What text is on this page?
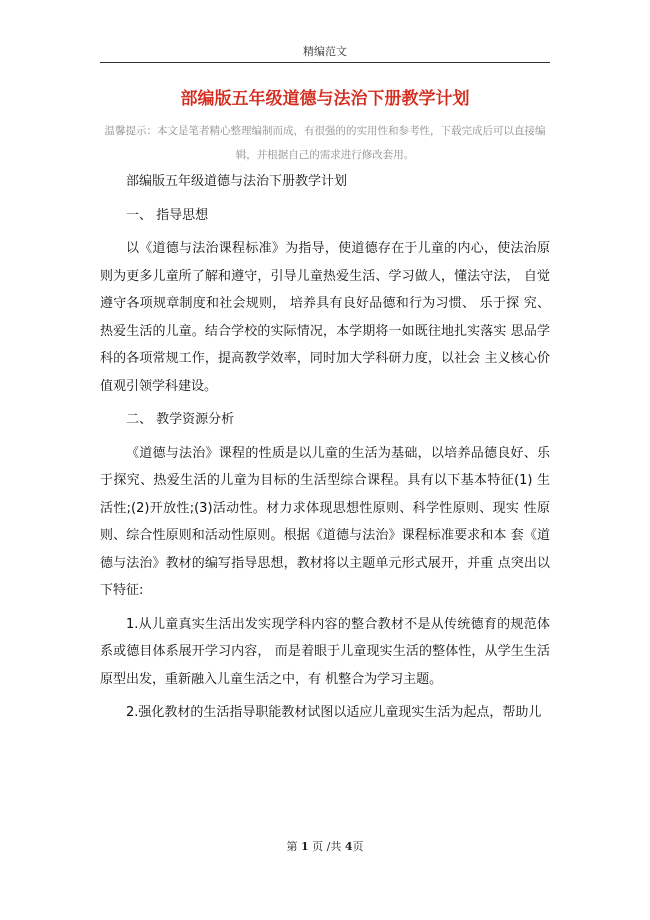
精编范文
部编版五年级道德与法治下册教学计划
温馨提示：本文是笔者精心整理编制而成，有很强的的实用性和参考性，下载完成后可以直接编辑，并根据自己的需求进行修改套用。

部编版五年级道德与法治下册教学计划

一、 指导思想

以《道德与法治课程标准》为指导，使道德存在于儿童的内心，使法治原则为更多儿童所了解和遵守，引导儿童热爱生活、学习做人，懂法守法， 自觉遵守各项规章制度和社会规则， 培养具有良好品德和行为习惯、 乐于探 究、热爱生活的儿童。结合学校的实际情况，本学期将一如既往地扎实落实 思品学科的各项常规工作，提高教学效率，同时加大学科研力度，以社会 主义核心价值观引领学科建设。

二、 教学资源分析

《道德与法治》课程的性质是以儿童的生活为基础，以培养品德良好、乐于探究、热爱生活的儿童为目标的生活型综合课程。具有以下基本特征(1) 生活性;(2)开放性;(3)活动性。材力求体现思想性原则、科学性原则、现实 性原则、综合性原则和活动性原则。根据《道德与法治》课程标准要求和本 套《道德与法治》教材的编写指导思想，教材将以主题单元形式展开，并重 点突出以下特征:

1.从儿童真实生活出发实现学科内容的整合教材不是从传统德育的规范体系或德目体系展开学习内容， 而是着眼于儿童现实生活的整体性，从学生生活原型出发，重新融入儿童生活之中，有 机整合为学习主题。

2.强化教材的生活指导职能教材试图以适应儿童现实生活为起点，帮助儿

第 1 页 /共 4页
